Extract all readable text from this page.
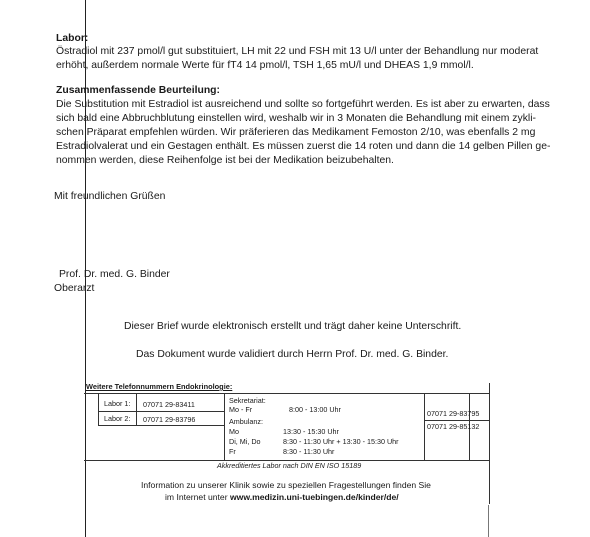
Labor:
Östradiol mit 237 pmol/l gut substituiert, LH mit 22 und FSH mit 13 U/l unter der Behandlung nur moderat
erhöht, außerdem normale Werte für fT4 14 pmol/l, TSH 1,65 mU/l und DHEAS 1,9 mmol/l.
Zusammenfassende Beurteilung:
Die Substitution mit Estradiol ist ausreichend und sollte so fortgeführt werden. Es ist aber zu erwarten, dass
sich bald eine Abbruchblutung einstellen wird, weshalb wir in 3 Monaten die Behandlung mit einem zykli-
schen Präparat empfehlen würden. Wir präferieren das Medikament Femoston 2/10, was ebenfalls 2 mg
Estradiolvalerat und ein Gestagen enthält. Es müssen zuerst die 14 roten und dann die 14 gelben Pillen ge-
nommen werden, diese Reihenfolge ist bei der Medikation beizubehalten.
Mit freundlichen Grüßen
Prof. Dr. med. G. Binder
Oberarzt
Dieser Brief wurde elektronisch erstellt und trägt daher keine Unterschrift.
Das Dokument wurde validiert durch Herrn Prof. Dr. med. G. Binder.
Weitere Telefonnummern Endokrinologie:
Labor 1: 07071 29-83411
Labor 2: 07071 29-83796
Sekretariat:
Mo - Fr	8:00 - 13:00 Uhr	07071 29-83795
Ambulanz:
07071 29-85132
Mo	13:30 - 15:30 Uhr
Di, Mi, Do	8:30 - 11:30 Uhr + 13:30 - 15:30 Uhr
Fr	8:30 - 11:30 Uhr
Akkreditiertes Labor nach DIN EN ISO 15189
Information zu unserer Klinik sowie zu speziellen Fragestellungen finden Sie
im Internet unter www.medizin.uni-tuebingen.de/kinder/de/
